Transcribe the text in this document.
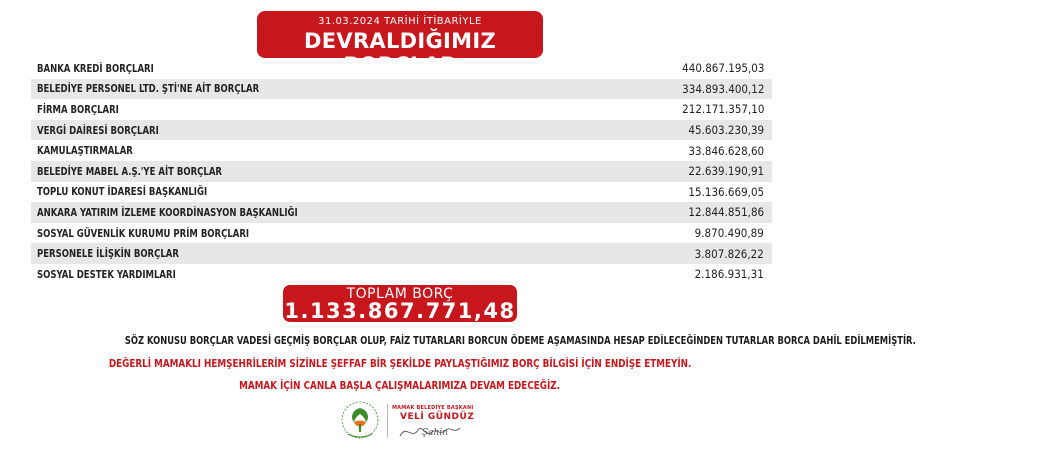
31.03.2024 TARİHİ İTİBARİYLE
DEVRALDIĞIMIZ BORÇLAR
BANKA KREDİ BORÇLARI	440.867.195,03
BELEDİYE PERSONEL LTD. ŞTİ'NE AİT BORÇLAR	334.893.400,12
FİRMA BORÇLARI	212.171.357,10
VERGİ DAİRESİ BORÇLARI	45.603.230,39
KAMULAŞTIRMALAR	33.846.628,60
BELEDİYE MABEL A.Ş.'YE AİT BORÇLAR	22.639.190,91
TOPLU KONUT İDARESİ BAŞKANLIĞI	15.136.669,05
ANKARA YATIRIM İZLEME KOORDİNASYON BAŞKANLIĞI	12.844.851,86
SOSYAL GÜVENLİK KURUMU PRİM BORÇLARI	9.870.490,89
PERSONELE İLİŞKİN BORÇLAR	3.807.826,22
SOSYAL DESTEK YARDIMLARI	2.186.931,31
TOPLAM BORÇ
1.133.867.771,48
SÖZ KONUSU BORÇLAR VADESİ GEÇMİŞ BORÇLAR OLUP, FAİZ TUTARLARI BORCUN ÖDEME AŞAMASINDA HESAP EDİLECEĞİNDEN TUTARLAR BORCA DAHİL EDİLMEMİŞTİR.
DEĞERLİ MAMAKLI HEMŞEHRİLERİM SİZİNLE ŞEFFAF BİR ŞEKİLDE PAYLAŞTIĞIMIZ BORÇ BİLGİSİ İÇİN ENDİŞE ETMEYİN.
MAMAK İÇİN CANLA BAŞLA ÇALIŞMALARIMIZA DEVAM EDECEĞİZ.
MAMAK BELEDİYE BAŞKANI
VELİ GÜNDÜZ
Şahin
